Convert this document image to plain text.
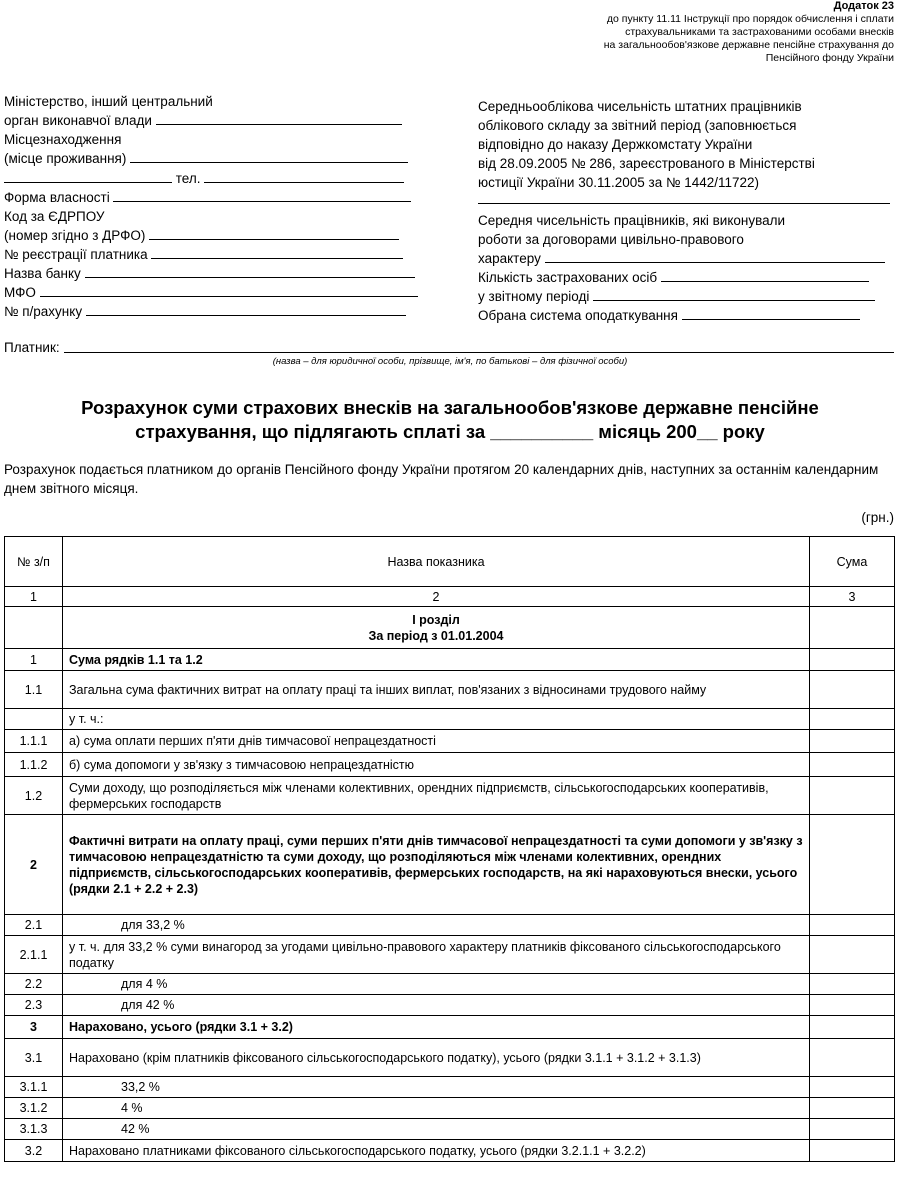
Додаток 23
до пункту 11.11 Інструкції про порядок обчислення і сплати
страхувальниками та застрахованими особами внесків
на загальнообов'язкове державне пенсійне страхування до
Пенсійного фонду України
Міністерство, інший центральний
орган виконавчої влади
Місцезнаходження
(місце проживання)
тел.
Форма власності
Код за ЄДРПОУ
(номер згідно з ДРФО)
№ реєстрації платника
Назва банку
МФО
№ п/рахунку
Середньооблікова чисельність штатних працівників
облікового складу за звітний період (заповнюється
відповідно до наказу Держкомстату України
від 28.09.2005 № 286, зареєстрованого в Міністерстві
юстиції України 30.11.2005 за № 1442/11722)
Середня чисельність працівників, які виконували
роботи за договорами цивільно-правового
характеру
Кількість застрахованих осіб
у звітному періоді
Обрана система оподаткування
Платник:
(назва – для юридичної особи, прізвище, ім'я, по батькові – для фізичної особи)
Розрахунок суми страхових внесків на загальнообов'язкове державне пенсійне
страхування, що підлягають сплаті за __________ місяць 200__ року
Розрахунок подається платником до органів Пенсійного фонду України протягом 20 календарних днів, наступних за останнім календарним днем звітного місяця.
(грн.)
№ з/п	Назва показника	Сума
1	2	3

	І розділ
За період з 01.01.2004	

1	Сума рядків 1.1 та 1.2	
1.1	Загальна сума фактичних витрат на оплату праці та інших виплат, пов'язаних з відносинами трудового найму	
	у т. ч.:	
1.1.1	а) сума оплати перших п'яти днів тимчасової непрацездатності	
1.1.2	б) сума допомоги у зв'язку з тимчасовою непрацездатністю	
1.2	Суми доходу, що розподіляється між членами колективних, орендних підприємств, сільськогосподарських кооперативів, фермерських господарств	
2	Фактичні витрати на оплату праці, суми перших п'яти днів тимчасової непрацездатності та суми допомоги у зв'язку з тимчасовою непрацездатністю та суми доходу, що розподіляються між членами колективних, орендних підприємств, сільськогосподарських кооперативів, фермерських господарств, на які нараховуються внески, усього (рядки 2.1 + 2.2 + 2.3)	
2.1	для 33,2 %	
2.1.1	у т. ч. для 33,2 % суми винагород за угодами цивільно-правового характеру платників фіксованого сільськогосподарського податку	
2.2	для 4 %	
2.3	для 42 %	
3	Нараховано, усього (рядки 3.1 + 3.2)	
3.1	Нараховано (крім платників фіксованого сільськогосподарського податку), усього (рядки 3.1.1 + 3.1.2 + 3.1.3)	
3.1.1	33,2 %	
3.1.2	4 %	
3.1.3	42 %	
3.2	Нараховано платниками фіксованого сільськогосподарського податку, усього (рядки 3.2.1.1 + 3.2.2)	
